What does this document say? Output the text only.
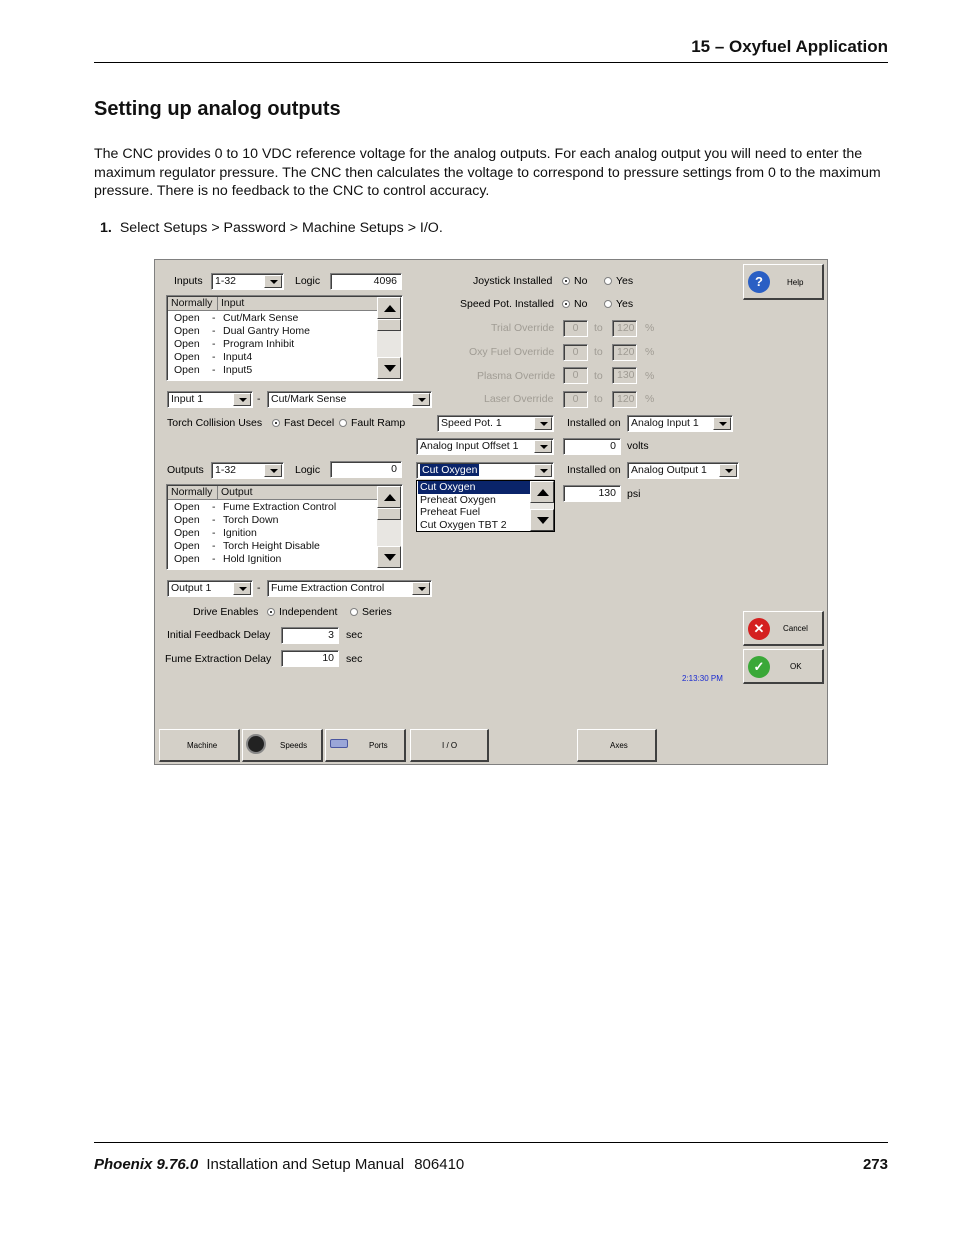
15 – Oxyfuel Application
Setting up analog outputs
The CNC provides 0 to 10 VDC reference voltage for the analog outputs. For each analog output you will need to enter the maximum regulator pressure. The CNC then calculates the voltage to correspond to pressure settings from 0 to the maximum pressure. There is no feedback to the CNC to control accuracy.
1. Select Setups > Password > Machine Setups > I/O.
Inputs	1-32	Logic	4096
Normally Input
Open - Cut/Mark Sense
Open - Dual Gantry Home
Open - Program Inhibit
Open - Input4
Open - Input5
Input 1	-	Cut/Mark Sense
Torch Collision Uses Fast Decel Fault Ramp
Outputs	1-32	Logic	0
Normally Output
Open - Fume Extraction Control
Open - Torch Down
Open - Ignition
Open - Torch Height Disable
Open - Hold Ignition
Output 1	-	Fume Extraction Control
Drive Enables Independent Series
Initial Feedback Delay	3	sec
Fume Extraction Delay	10	sec
Joystick Installed No	Yes
Speed Pot. Installed No	Yes
Trial Override	0	to	120 %
Oxy Fuel Override	0	to	120 %
Plasma Override	0	to	130 %
Laser Override	0	to	120 %
Speed Pot. 1	Installed on Analog Input 1
Analog Input Offset 1	0	volts
Cut Oxygen	Installed on Analog Output 1
130	psi
Cut Oxygen
Preheat Oxygen
Preheat Fuel
Cut Oxygen TBT 2
?	Help
✕	Cancel
✓	OK
2:13:30 PM
Machine	Speeds	Ports	I / O	Axes
Phoenix 9.76.0 Installation and Setup Manual 806410	273
